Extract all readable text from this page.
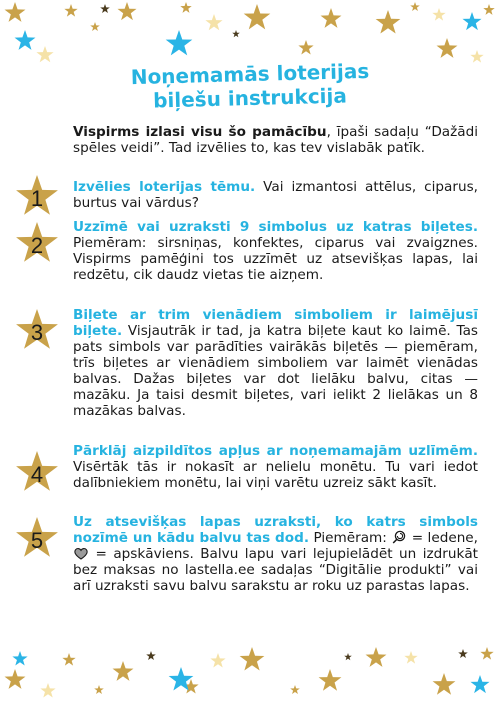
Noņemamās loterijas
biļešu instrukcija

Vispirms izlasi visu šo pamācību, īpaši sadaļu “Dažādi spēles veidi”. Tad izvēlies to, kas tev vislabāk patīk.

1	Izvēlies loterijas tēmu. Vai izmantosi attēlus, ciparus, burtus vai vārdus?

2

Uzzīmē vai uzraksti 9 simbolus uz katras biļetes. Piemēram: sirsniņas, konfektes, ciparus vai zvaigznes. Vispirms pamēģini tos uzzīmēt uz atsevišķas lapas, lai redzētu, cik daudz vietas tie aizņem.

3

Biļete ar trim vienādiem simboliem ir laimējusī biļete. Visjautrāk ir tad, ja katra biļete kaut ko laimē. Tas pats simbols var parādīties vairākās biļetēs — piemēram, trīs biļetes ar vienādiem simboliem var laimēt vienādas balvas. Dažas biļetes var dot lielāku balvu, citas — mazāku. Ja taisi desmit biļetes, vari ielikt 2 lielākas un 8 mazākas balvas.

4

Pārklāj aizpildītos apļus ar noņemamajām uzlīmēm. Visērtāk tās ir nokasīt ar nelielu monētu. Tu vari iedot dalībniekiem monētu, lai viņi varētu uzreiz sākt kasīt.

5

Uz atsevišķas lapas uzraksti, ko katrs simbols nozīmē un kādu balvu tas dod. Piemēram:  = ledene,  = apskāviens. Balvu lapu vari lejupielādēt un izdrukāt bez maksas no lastella.ee sadaļas “Digitālie produkti” vai arī uzraksti savu balvu sarakstu ar roku uz parastas lapas.
